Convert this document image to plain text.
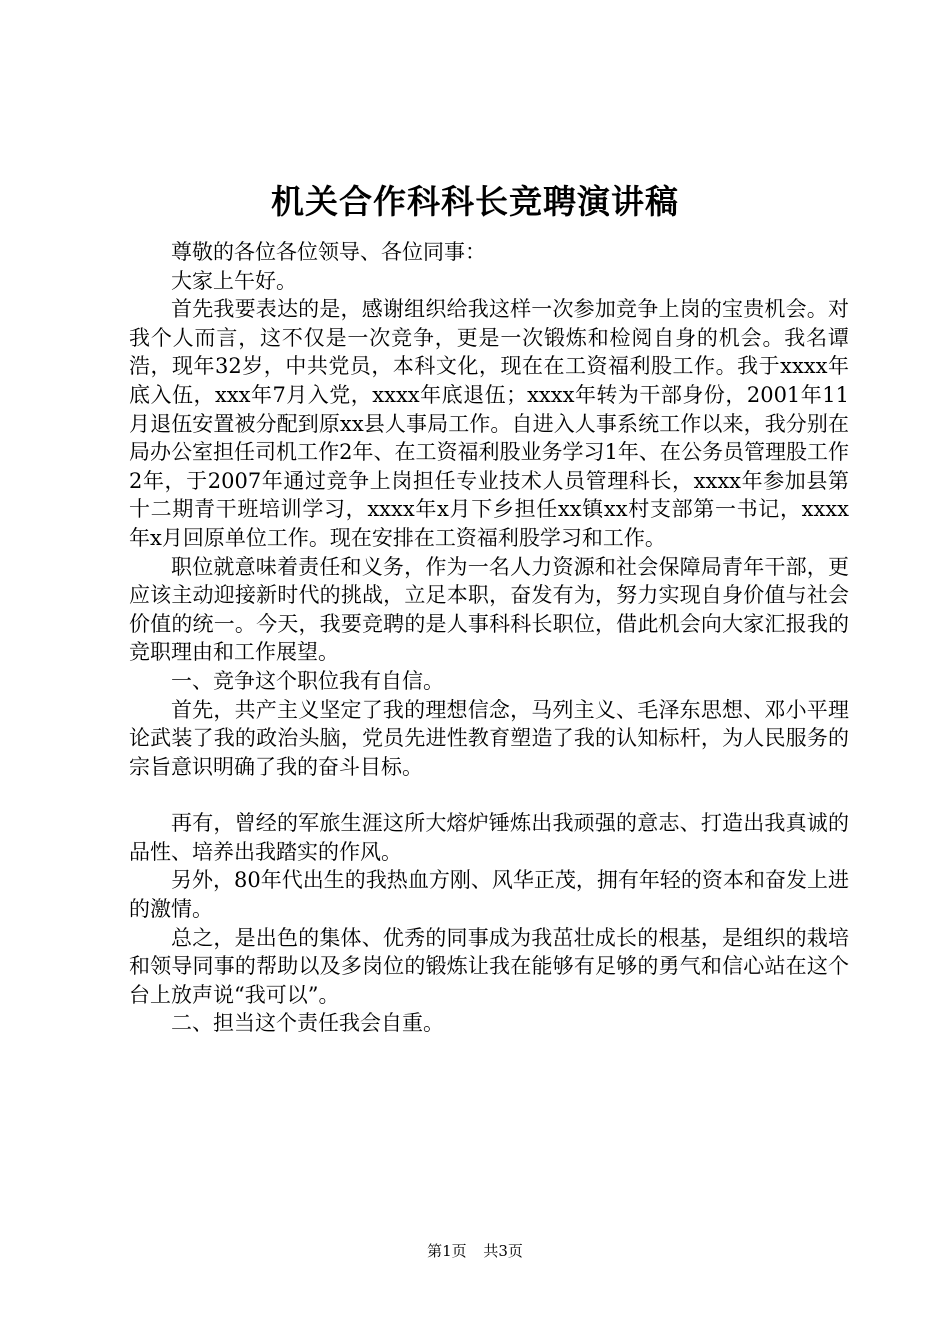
机关合作科科长竞聘演讲稿

尊敬的各位各位领导、各位同事：

大家上午好。

首先我要表达的是，感谢组织给我这样一次参加竞争上岗的宝贵机会。对我个人而言，这不仅是一次竞争，更是一次锻炼和检阅自身的机会。我名谭浩，现年32岁，中共党员，本科文化，现在在工资福利股工作。我于xxxx年底入伍，xxx年7月入党，xxxx年底退伍；xxxx年转为干部身份，2001年11月退伍安置被分配到原xx县人事局工作。自进入人事系统工作以来，我分别在局办公室担任司机工作2年、在工资福利股业务学习1年、在公务员管理股工作2年，于2007年通过竞争上岗担任专业技术人员管理科长，xxxx年参加县第十二期青干班培训学习，xxxx年x月下乡担任xx镇xx村支部第一书记，xxxx年x月回原单位工作。现在安排在工资福利股学习和工作。

职位就意味着责任和义务，作为一名人力资源和社会保障局青年干部，更应该主动迎接新时代的挑战，立足本职，奋发有为，努力实现自身价值与社会价值的统一。今天，我要竞聘的是人事科科长职位，借此机会向大家汇报我的竞职理由和工作展望。

一、竞争这个职位我有自信。

首先，共产主义坚定了我的理想信念，马列主义、毛泽东思想、邓小平理论武装了我的政治头脑，党员先进性教育塑造了我的认知标杆，为人民服务的宗旨意识明确了我的奋斗目标。

再有，曾经的军旅生涯这所大熔炉锤炼出我顽强的意志、打造出我真诚的品性、培养出我踏实的作风。

另外，80年代出生的我热血方刚、风华正茂，拥有年轻的资本和奋发上进的激情。

总之，是出色的集体、优秀的同事成为我茁壮成长的根基，是组织的栽培和领导同事的帮助以及多岗位的锻炼让我在能够有足够的勇气和信心站在这个台上放声说“我可以”。

二、担当这个责任我会自重。

第1页 共3页
